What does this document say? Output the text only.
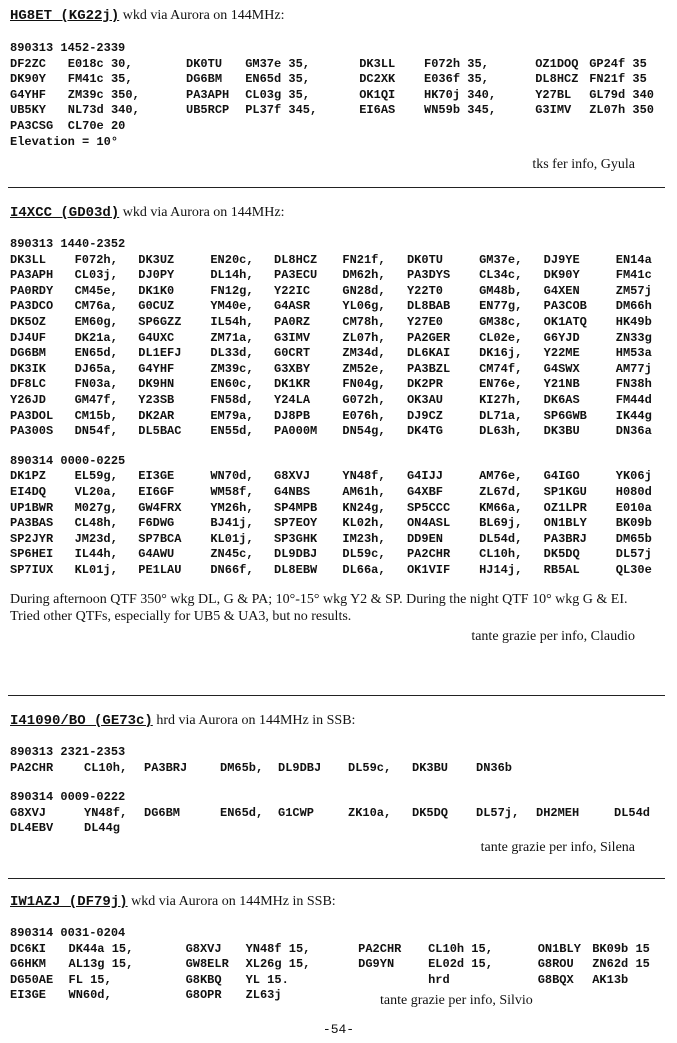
HG8ET (KG22j) wkd via Aurora on 144MHz:
890313 1452-2339
DF2ZC	E018c 30,	DK0TU	GM37e 35,	DK3LL	F072h 35,	OZ1DOQ	GP24f 35
DK90Y	FM41c 35,	DG6BM	EN65d 35,	DC2XK	E036f 35,	DL8HCZ	FN21f 35
G4YHF	ZM39c 350,	PA3APH	CL03g 35,	OK1QI	HK70j 340,	Y27BL	GL79d 340
UB5KY	NL73d 340,	UB5RCP	PL37f 345,	EI6AS	WN59b 345,	G3IMV	ZL07h 350
PA3CSG	CL70e 20						
Elevation = 10°
tks fer info, Gyula
I4XCC (GD03d) wkd via Aurora on 144MHz:
890313 1440-2352
DK3LL	F072h,	DK3UZ	EN20c,	DL8HCZ	FN21f,	DK0TU	GM37e,	DJ9YE	EN14a
PA3APH	CL03j,	DJ0PY	DL14h,	PA3ECU	DM62h,	PA3DYS	CL34c,	DK90Y	FM41c
PA0RDY	CM45e,	DK1K0	FN12g,	Y22IC	GN28d,	Y22T0	GM48b,	G4XEN	ZM57j
PA3DCO	CM76a,	G0CUZ	YM40e,	G4ASR	YL06g,	DL8BAB	EN77g,	PA3COB	DM66h
DK5OZ	EM60g,	SP6GZZ	IL54h,	PA0RZ	CM78h,	Y27E0	GM38c,	OK1ATQ	HK49b
DJ4UF	DK21a,	G4UXC	ZM71a,	G3IMV	ZL07h,	PA2GER	CL02e,	G6YJD	ZN33g
DG6BM	EN65d,	DL1EFJ	DL33d,	G0CRT	ZM34d,	DL6KAI	DK16j,	Y22ME	HM53a
DK3IK	DJ65a,	G4YHF	ZM39c,	G3XBY	ZM52e,	PA3BZL	CM74f,	G4SWX	AM77j
DF8LC	FN03a,	DK9HN	EN60c,	DK1KR	FN04g,	DK2PR	EN76e,	Y21NB	FN38h
Y26JD	GM47f,	Y23SB	FN58d,	Y24LA	G072h,	OK3AU	KI27h,	DK6AS	FM44d
PA3DOL	CM15b,	DK2AR	EM79a,	DJ8PB	E076h,	DJ9CZ	DL71a,	SP6GWB	IK44g
PA300S	DN54f,	DL5BAC	EN55d,	PA000M	DN54g,	DK4TG	DL63h,	DK3BU	DN36a
890314 0000-0225
DK1PZ	EL59g,	EI3GE	WN70d,	G8XVJ	YN48f,	G4IJJ	AM76e,	G4IGO	YK06j
EI4DQ	VL20a,	EI6GF	WM58f,	G4NBS	AM61h,	G4XBF	ZL67d,	SP1KGU	H080d
UP1BWR	M027g,	GW4FRX	YM26h,	SP4MPB	KN24g,	SP5CCC	KM66a,	OZ1LPR	E010a
PA3BAS	CL48h,	F6DWG	BJ41j,	SP7EOY	KL02h,	ON4ASL	BL69j,	ON1BLY	BK09b
SP2JYR	JM23d,	SP7BCA	KL01j,	SP3GHK	IM23h,	DD9EN	DL54d,	PA3BRJ	DM65b
SP6HEI	IL44h,	G4AWU	ZN45c,	DL9DBJ	DL59c,	PA2CHR	CL10h,	DK5DQ	DL57j
SP7IUX	KL01j,	PE1LAU	DN66f,	DL8EBW	DL66a,	OK1VIF	HJ14j,	RB5AL	QL30e
During afternoon QTF 350° wkg DL, G & PA; 10°-15° wkg Y2 & SP. During the night QTF 10° wkg G & EI. Tried other QTFs, especially for UB5 & UA3, but no results.
tante grazie per info, Claudio
I41090/BO (GE73c) hrd via Aurora on 144MHz in SSB:
890313 2321-2353
PA2CHR	CL10h,	PA3BRJ	DM65b,	DL9DBJ	DL59c,	DK3BU	DN36b		
890314 0009-0222
G8XVJ	YN48f,	DG6BM	EN65d,	G1CWP	ZK10a,	DK5DQ	DL57j,	DH2MEH	DL54d
DL4EBV	DL44g								
tante grazie per info, Silena
IW1AZJ (DF79j) wkd via Aurora on 144MHz in SSB:
890314 0031-0204
DC6KI	DK44a 15,	G8XVJ	YN48f 15,	PA2CHR	CL10h 15,	ON1BLY	BK09b 15
G6HKM	AL13g 15,	GW8ELR	XL26g 15,	DG9YN	EL02d 15,	G8ROU	ZN62d 15
DG50AE	FL 15,	G8KBQ	YL 15.		hrd	G8BQX	AK13b
EI3GE	WN60d,	G8OPR	ZL63j					tante grazie per info, Silvio
-54-
